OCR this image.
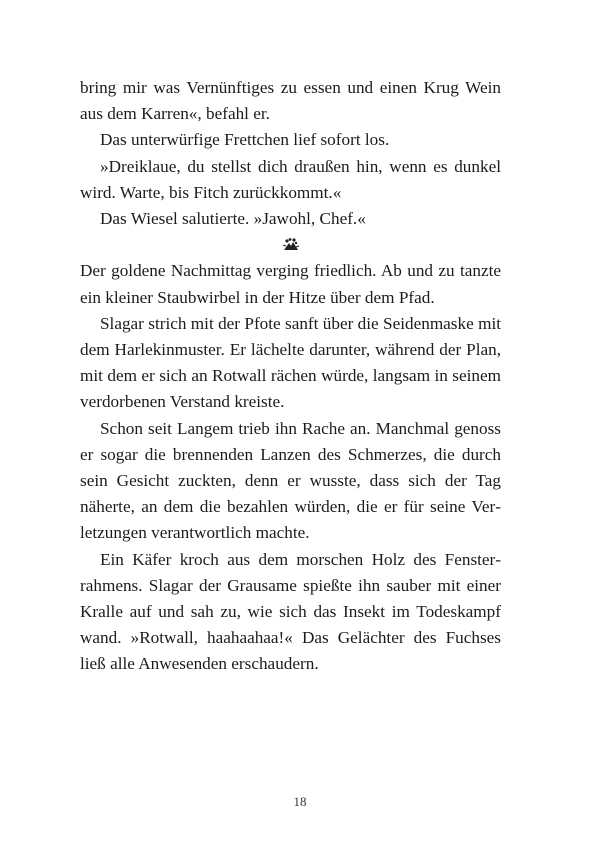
bring mir was Vernünftiges zu essen und einen Krug Wein aus dem Karren«, befahl er.

Das unterwürfige Frettchen lief sofort los.

»Dreiklaue, du stellst dich draußen hin, wenn es dunkel wird. Warte, bis Fitch zurückkommt.«

Das Wiesel salutierte. »Jawohl, Chef.«

Der goldene Nachmittag verging friedlich. Ab und zu tanzte ein kleiner Staubwirbel in der Hitze über dem Pfad.

Slagar strich mit der Pfote sanft über die Seidenmaske mit dem Harlekinmuster. Er lächelte darunter, während der Plan, mit dem er sich an Rotwall rächen würde, langsam in seinem verdorbenen Verstand kreiste.

Schon seit Langem trieb ihn Rache an. Manchmal genoss er sogar die brennenden Lanzen des Schmerzes, die durch sein Gesicht zuckten, denn er wusste, dass sich der Tag näherte, an dem die bezahlen würden, die er für seine Verletzungen verantwortlich machte.

Ein Käfer kroch aus dem morschen Holz des Fensterrahmens. Slagar der Grausame spießte ihn sauber mit einer Kralle auf und sah zu, wie sich das Insekt im Todeskampf wand. »Rotwall, haahaahaa!« Das Gelächter des Fuchses ließ alle Anwesenden erschaudern.

18
